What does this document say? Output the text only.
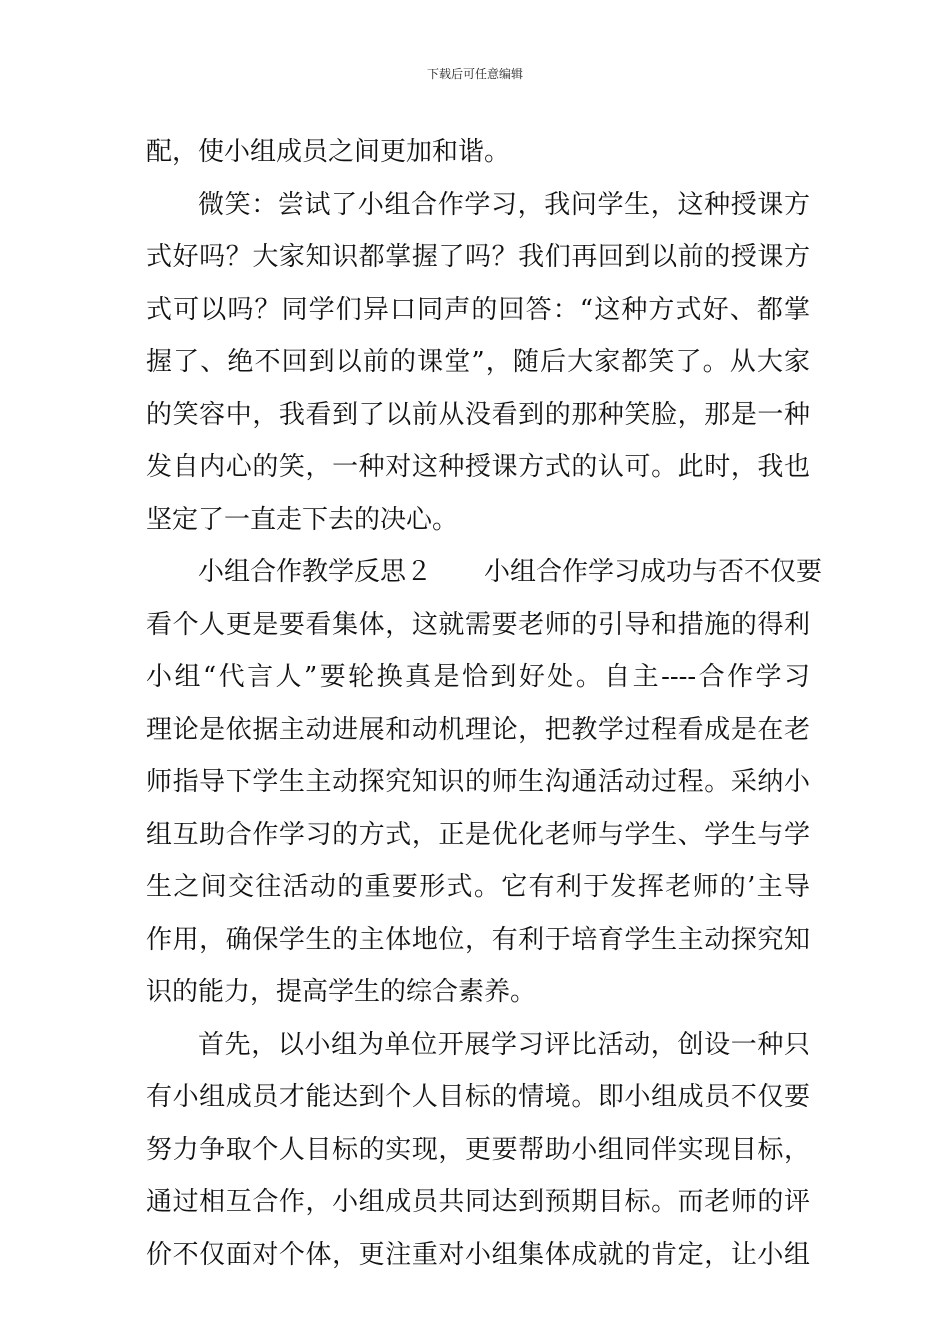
下载后可任意编辑
配，使小组成员之间更加和谐。
微笑：尝试了小组合作学习，我问学生，这种授课方
式好吗？大家知识都掌握了吗？我们再回到以前的授课方
式可以吗？同学们异口同声的回答：“这种方式好、都掌
握了、绝不回到以前的课堂”，随后大家都笑了。从大家
的笑容中，我看到了以前从没看到的那种笑脸，那是一种
发自内心的笑，一种对这种授课方式的认可。此时，我也
坚定了一直走下去的决心。
小组合作教学反思２　　小组合作学习成功与否不仅要
看个人更是要看集体，这就需要老师的引导和措施的得利
小组“代言人”要轮换真是恰到好处。自主----合作学习
理论是依据主动进展和动机理论，把教学过程看成是在老
师指导下学生主动探究知识的师生沟通活动过程。采纳小
组互助合作学习的方式，正是优化老师与学生、学生与学
生之间交往活动的重要形式。它有利于发挥老师的’主导
作用，确保学生的主体地位，有利于培育学生主动探究知
识的能力，提高学生的综合素养。
首先，以小组为单位开展学习评比活动，创设一种只
有小组成员才能达到个人目标的情境。即小组成员不仅要
努力争取个人目标的实现，更要帮助小组同伴实现目标，
通过相互合作，小组成员共同达到预期目标。而老师的评
价不仅面对个体，更注重对小组集体成就的肯定，让小组
